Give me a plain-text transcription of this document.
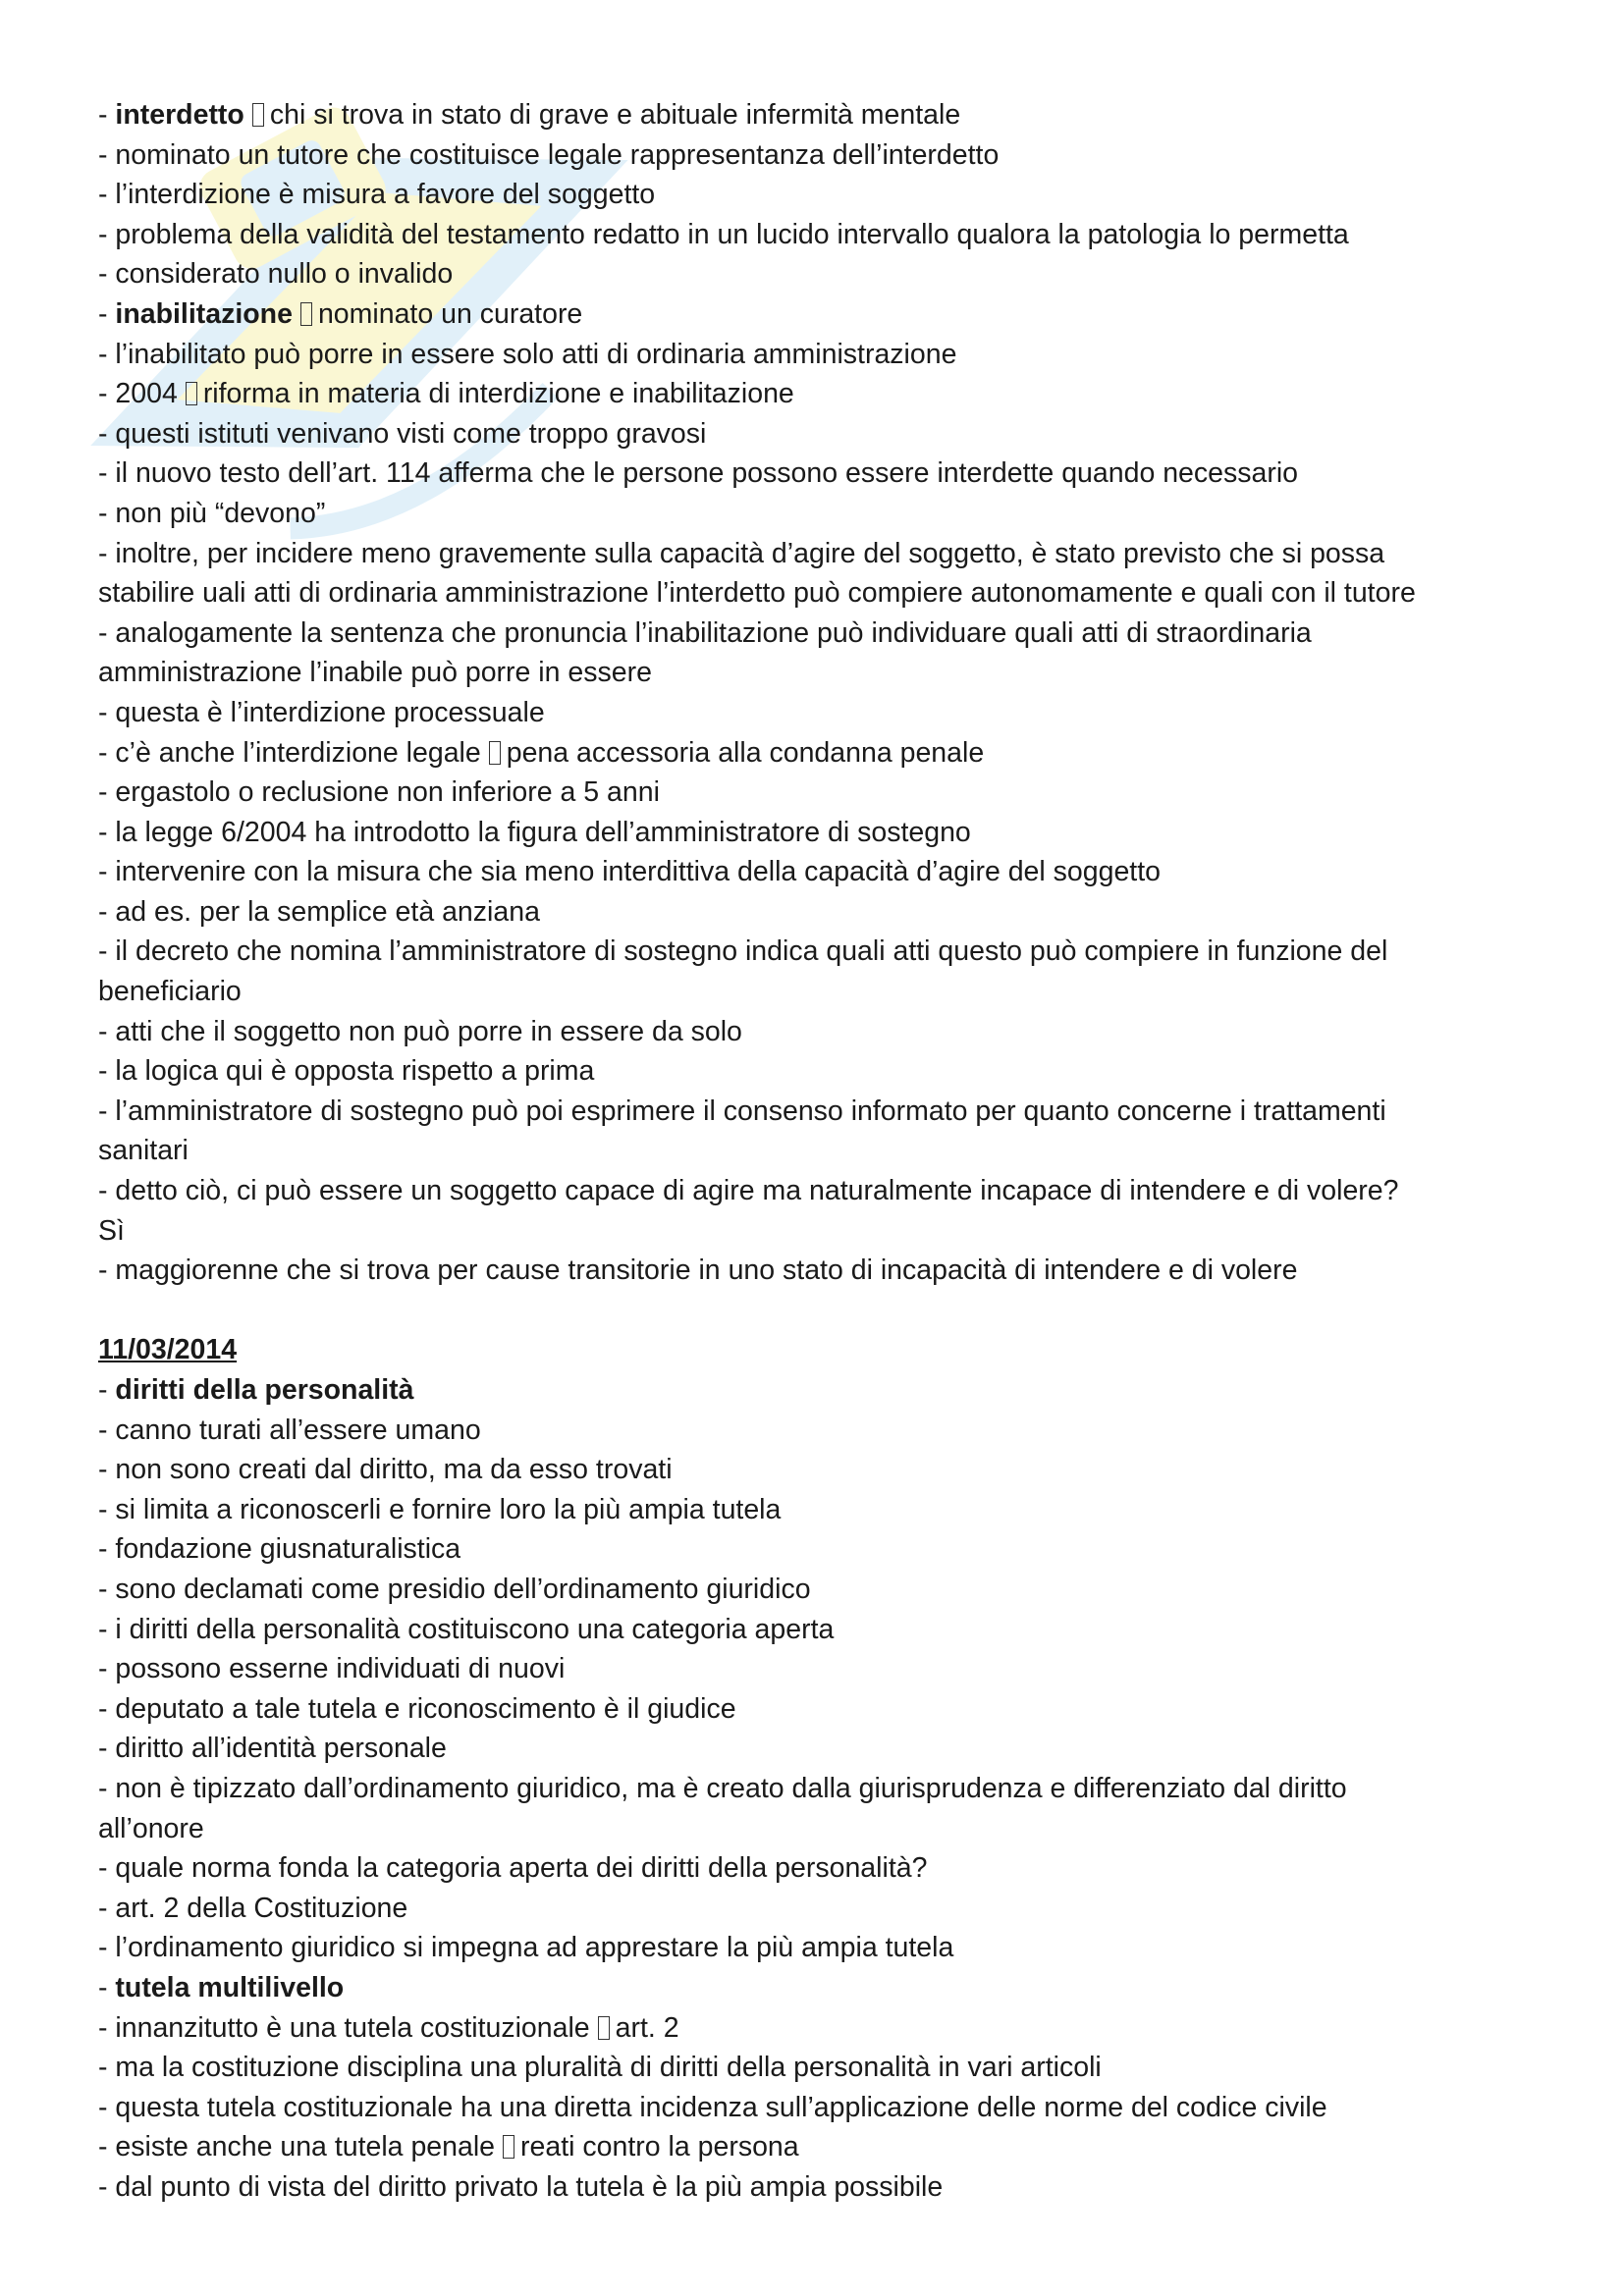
- interdetto chi si trova in stato di grave e abituale infermità mentale

- nominato un tutore che costituisce legale rappresentanza dell’interdetto

- l’interdizione è misura a favore del soggetto

- problema della validità del testamento redatto in un lucido intervallo qualora la patologia lo permetta

- considerato nullo o invalido

- inabilitazione nominato un curatore

- l’inabilitato può porre in essere solo atti di ordinaria amministrazione

- 2004 riforma in materia di interdizione e inabilitazione

- questi istituti venivano visti come troppo gravosi

- il nuovo testo dell’art. 114 afferma che le persone possono essere interdette quando necessario

- non più “devono”

- inoltre, per incidere meno gravemente sulla capacità d’agire del soggetto, è stato previsto che si possa

stabilire uali atti di ordinaria amministrazione l’interdetto può compiere autonomamente e quali con il tutore

- analogamente la sentenza che pronuncia l’inabilitazione può individuare quali atti di straordinaria

amministrazione l’inabile può porre in essere

- questa è l’interdizione processuale

- c’è anche l’interdizione legale pena accessoria alla condanna penale

- ergastolo o reclusione non inferiore a 5 anni

- la legge 6/2004 ha introdotto la figura dell’amministratore di sostegno

- intervenire con la misura che sia meno interdittiva della capacità d’agire del soggetto

- ad es. per la semplice età anziana

- il decreto che nomina l’amministratore di sostegno indica quali atti questo può compiere in funzione del

beneficiario

- atti che il soggetto non può porre in essere da solo

- la logica qui è opposta rispetto a prima

- l’amministratore di sostegno può poi esprimere il consenso informato per quanto concerne i trattamenti

sanitari

- detto ciò, ci può essere un soggetto capace di agire ma naturalmente incapace di intendere e di volere?

Sì

- maggiorenne che si trova per cause transitorie in uno stato di incapacità di intendere e di volere

11/03/2014

- diritti della personalità

- canno turati all’essere umano

- non sono creati dal diritto, ma da esso trovati

- si limita a riconoscerli e fornire loro la più ampia tutela

- fondazione giusnaturalistica

- sono declamati come presidio dell’ordinamento giuridico

- i diritti della personalità costituiscono una categoria aperta

- possono esserne individuati di nuovi

- deputato a tale tutela e riconoscimento è il giudice

- diritto all’identità personale

- non è tipizzato dall’ordinamento giuridico, ma è creato dalla giurisprudenza e differenziato dal diritto

all’onore

- quale norma fonda la categoria aperta dei diritti della personalità?

- art. 2 della Costituzione

- l’ordinamento giuridico si impegna ad apprestare la più ampia tutela

- tutela multilivello

- innanzitutto è una tutela costituzionale art. 2

- ma la costituzione disciplina una pluralità di diritti della personalità in vari articoli

- questa tutela costituzionale ha una diretta incidenza sull’applicazione delle norme del codice civile

- esiste anche una tutela penale reati contro la persona

- dal punto di vista del diritto privato la tutela è la più ampia possibile
